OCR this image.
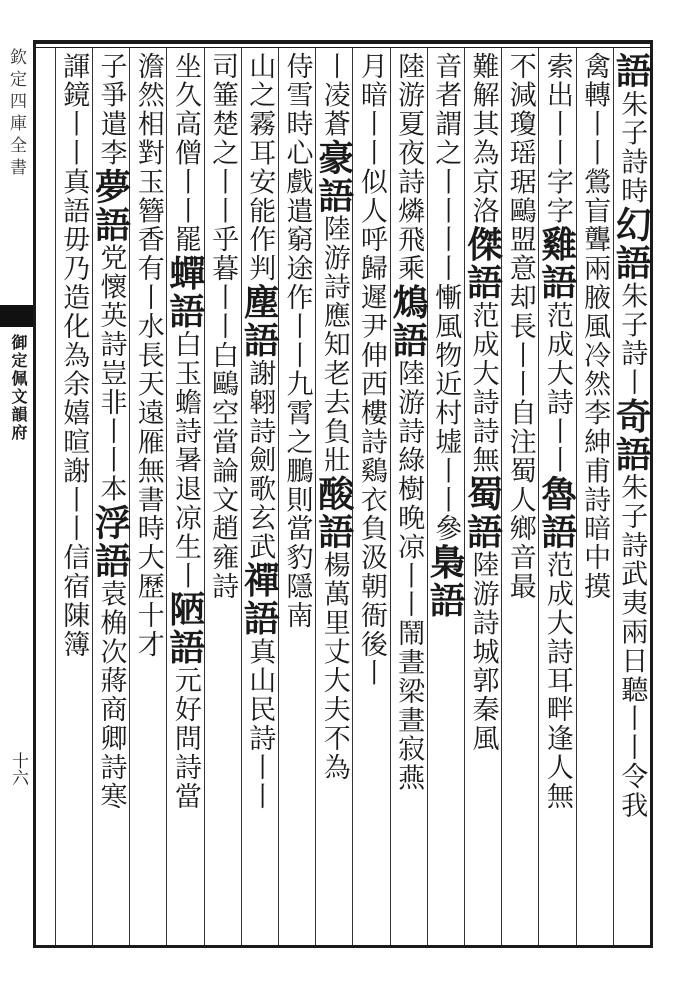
欽定四庫全書
御定佩文韻府
十六
語朱子詩時幻語朱子詩丨奇語朱子詩武夷兩日聽丨丨令我
禽轉丨丨鶯盲聾兩腋風冷然李紳甫詩暗中摸
索出丨丨字字雞語范成大詩丨丨魯語范成大詩耳畔逢人無
不減瓊瑶琚鷗盟意却長丨丨自注蜀人鄉音最
難解其為京洛傑語范成大詩詩無蜀語陸游詩城郭秦風
音者謂之丨丨丨丨慚風物近村墟丨丨參梟語
陸游夏夜詩燐飛乘鴆語陸游詩綠樹晚凉丨丨鬧晝梁晝寂燕
月暗丨丨似人呼歸遲尹伸西樓詩鷄衣負汲朝衙後丨
丨凌蒼豪語陸游詩應知老去負壯酸語楊萬里丈大夫不為
侍雪時心戲遣窮途作丨丨九霄之鵬則當豹隱南
山之霧耳安能作判塵語謝翶詩劍歌玄武禪語真山民詩丨丨
司箠楚之丨丨乎暮丨丨白鷗空當論文趙雍詩
坐久高僧丨丨罷蟬語白玉蟾詩暑退凉生丨陋語元好問詩當
澹然相對玉簪香有丨水長天遠雁無書時大歷十才
子爭遣李夢語党懷英詩豈非丨丨本浮語袁桷次蔣商卿詩寒
諢鏡丨丨真語毋乃造化為余嬉暄謝丨丨信宿陳簿
